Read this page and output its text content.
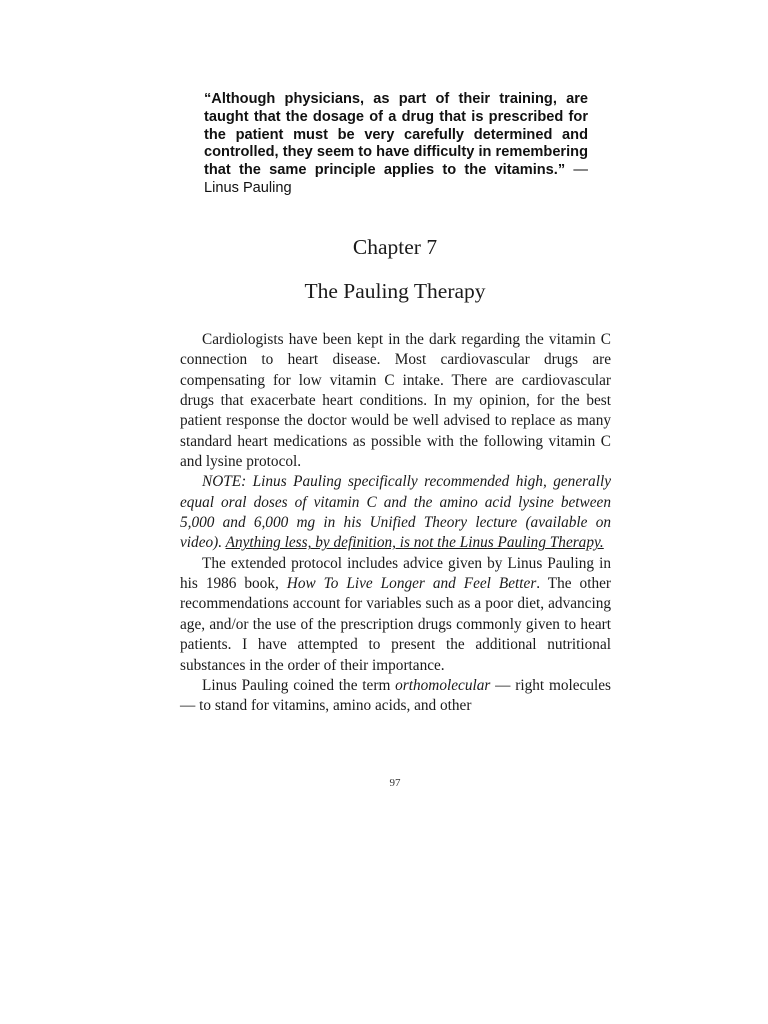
“Although physicians, as part of their training, are taught that the dosage of a drug that is prescribed for the patient must be very carefully determined and controlled, they seem to have difficulty in remembering that the same principle applies to the vitamins.” — Linus Pauling
Chapter 7
The Pauling Therapy

Cardiologists have been kept in the dark regarding the vitamin C connection to heart disease. Most cardiovascular drugs are compensating for low vitamin C intake. There are cardiovascular drugs that exacerbate heart conditions. In my opinion, for the best patient response the doctor would be well advised to replace as many standard heart medications as possible with the following vitamin C and lysine protocol.

NOTE: Linus Pauling specifically recommended high, generally equal oral doses of vitamin C and the amino acid lysine between 5,000 and 6,000 mg in his Unified Theory lecture (available on video). Anything less, by definition, is not the Linus Pauling Therapy.

The extended protocol includes advice given by Linus Pauling in his 1986 book, How To Live Longer and Feel Better. The other recommendations account for variables such as a poor diet, advancing age, and/or the use of the prescription drugs commonly given to heart patients. I have attempted to present the additional nutritional substances in the order of their importance.

Linus Pauling coined the term orthomolecular — right molecules — to stand for vitamins, amino acids, and other

97
